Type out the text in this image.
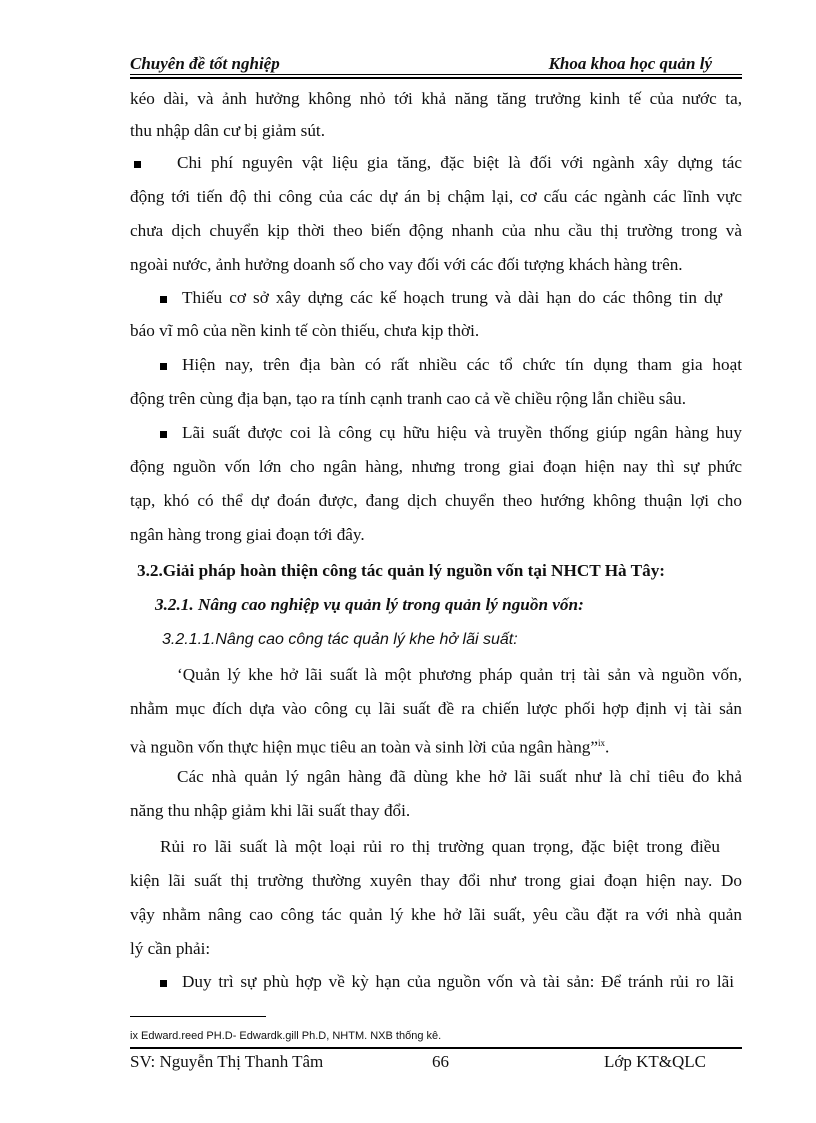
Chuyên đề tốt nghiệp	Khoa khoa học quản lý
kéo dài, và ảnh hưởng không nhỏ tới khả năng tăng trưởng kinh tế của nước ta,
thu nhập dân cư bị giảm sút.
Chi phí nguyên vật liệu gia tăng, đặc biệt là đối với ngành xây dựng tác
động tới tiến độ thi công của các dự án bị chậm lại, cơ cấu các ngành các lĩnh vực
chưa dịch chuyển kịp thời theo biến động nhanh của nhu cầu thị trường trong và
ngoài nước, ảnh hưởng doanh số cho vay đối với các đối tượng khách hàng trên.
Thiếu cơ sở xây dựng các kế hoạch trung và dài hạn do các thông tin dự
báo vĩ mô của nền kinh tế còn thiếu, chưa kịp thời.
Hiện nay, trên địa bàn có rất nhiều các tổ chức tín dụng tham gia hoạt
động trên cùng địa bạn, tạo ra tính cạnh tranh cao cả về chiều rộng lẫn chiều sâu.
Lãi suất được coi là công cụ hữu hiệu và truyền thống giúp ngân hàng huy
động nguồn vốn lớn cho ngân hàng, nhưng trong giai đoạn hiện nay thì sự phức
tạp, khó có thể dự đoán được, đang dịch chuyển theo hướng không thuận lợi cho
ngân hàng trong giai đoạn tới đây.
3.2.Giải pháp hoàn thiện công tác quản lý nguồn vốn tại NHCT Hà Tây:
3.2.1. Nâng cao nghiệp vụ quản lý trong quản lý nguồn vốn:
3.2.1.1.Nâng cao công tác quản lý khe hở lãi suất:
‘Quản lý khe hở lãi suất là một phương pháp quản trị tài sản và nguồn vốn,
nhằm mục đích dựa vào công cụ lãi suất đề ra chiến lược phối hợp định vị tài sản
và nguồn vốn thực hiện mục tiêu an toàn và sinh lời của ngân hàng”$^{ix}$.
Các nhà quản lý ngân hàng đã dùng khe hở lãi suất như là chỉ tiêu đo khả
năng thu nhập giảm khi lãi suất thay đổi.
Rủi ro lãi suất là một loại rủi ro thị trường quan trọng, đặc biệt trong điều
kiện lãi suất thị trường thường xuyên thay đổi như trong giai đoạn hiện nay. Do
vậy nhằm nâng cao công tác quản lý khe hở lãi suất, yêu cầu đặt ra với nhà quản
lý cần phải:
Duy trì sự phù hợp về kỳ hạn của nguồn vốn và tài sản: Để tránh rủi ro lãi
ix Edward.reed PH.D- Edwardk.gill Ph.D, NHTM. NXB thống kê.
SV: Nguyễn Thị Thanh Tâm	66	Lớp KT&QLC
